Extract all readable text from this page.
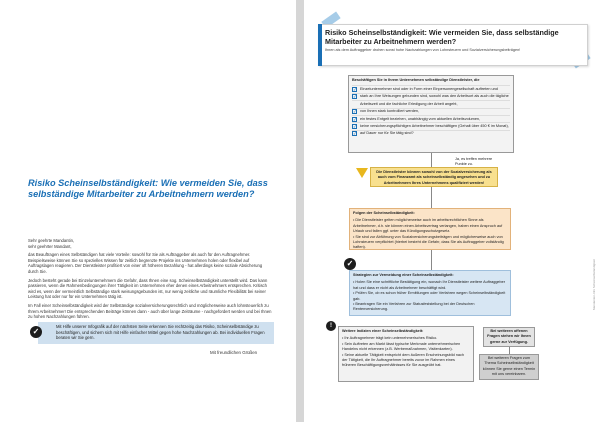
Risiko Scheinselbständigkeit: Wie vermeiden Sie, dass selbständige Mitarbeiter zu Arbeitnehmern werden?

Sehr geehrte Mandantin,
sehr geehrter Mandant,

das Beauftragen eines Selbständigen hat viele Vorteile: sowohl für Sie als Auftraggeber als auch für den Auftragnehmer. Beispielsweise können Sie so spezielles Wissen für zeitlich begrenzte Projekte ins Unternehmen holen oder flexibel auf Auftragslagen reagieren. Der Dienstleister profitiert von einer oft höheren Bezahlung - hat allerdings keine soziale Absicherung durch Sie.

Jedoch besteht gerade bei Einzelunternehmern die Gefahr, dass Ihnen eine sog. Scheinselbständigkeit unterstellt wird. Das kann passieren, wenn die Rahmenbedingungen ihrer Tätigkeit im Unternehmen eher denen eines Arbeitnehmers entsprechen. Kritisch wird es, wenn der vermeintlich Selbständige stark weisungsgebunden ist, nur wenig zeitliche und räumliche Flexibilität bei seiner Leistung hat oder nur für ein Unternehmen tätig ist.

Im Fall einer Scheinselbständigkeit wird der Selbständige sozialversicherungsrechtlich und möglicherweise auch lohnsteuerlich zu Ihrem Arbeitnehmer! Die entsprechenden Beiträge können dann - auch über lange Zeiträume - nachgefordert werden und bei Ihnen zu hohen Nachzahlungen führen.

✓
Mit Hilfe unserer Infografik auf der nächsten Seite erkennen Sie rechtzeitig das Risiko, Scheinselbständige zu beschäftigen, und sichern sich mit Hilfe einfacher Mittel gegen hohe Nachzahlungen ab. Bei individuellen Fragen beraten wir Sie gern.
Mit freundlichen Grüßen
Risiko Scheinselbständigkeit: Wie vermeiden Sie, dass selbständige Mitarbeiter zu Arbeitnehmern werden?
Ihnen als dem Auftraggeber drohen sonst hohe Nachzahlungen von Lohnsteuern und Sozialversicherungsbeiträgen!
Beschäftigen Sie in Ihrem Unternehmen selbständige Dienstleister, die
✓ Einzelunternehmer sind oder in Form einer Einpersonengesellschaft auftreten und
✓ stark an Ihre Weisungen gebunden sind, sowohl was den Arbeitsort als auch die tägliche
Arbeitszeit und die fachliche Erledigung der Arbeit angeht,
✓ von Ihnen stark kontrolliert werden,
✓ ein festes Entgelt beziehen, unabhängig vom aktuellen Arbeitsvolumen,
✓ keine versicherungspflichtigen Arbeitnehmer beschäftigen (Gehalt über 450 € im Monat),
✓ auf Dauer nur für Sie tätig sind?
Ja, es treffen mehrere Punkte zu.
Die Dienstleister können sowohl von der Sozialversicherung als auch vom Finanzamt als scheinselbständig angesehen und zu Arbeitnehmern Ihres Unternehmens qualifiziert werden!
Folgen der Scheinselbständigkeit:
• Die Dienstleister gelten möglicherweise auch im arbeitsrechtlichen Sinne als Arbeitnehmer, d.h. sie können einen Arbeitsvertrag verlangen, haben einen Anspruch auf Urlaub und fallen ggf. unter das Kündigungsschutzgesetz.
• Sie sind zur Abführung von Sozialversicherungsbeiträgen und möglicherweise auch von Lohnsteuern verpflichtet (hierbei besteht die Gefahr, dass Sie als Auftraggeber vollständig haften).
✓
Strategien zur Vermeidung einer Scheinselbständigkeit:
• Holen Sie eine schriftliche Bestätigung ein, wonach Ihr Dienstleister weitere Auftraggeber hat und dass er nicht als Arbeitnehmer beschäftigt wird.
• Prüfen Sie, ob es schon früher Ermittlungen oder Verfahren wegen Scheinselbständigkeit gab.
• Beantragen Sie ein Verfahren zur Statusfeststellung bei der Deutschen Rentenversicherung.
!
Weitere Indizien einer Scheinselbständigkeit:
• Ihr Auftragnehmer trägt kein unternehmerisches Risiko.
• Sein Auftreten am Markt lässt typische Merkmale unternehmerischen Handelns nicht erkennen (z.B. Werbemaßnahmen, Visitenkarten).
• Seine aktuelle Tätigkeit entspricht dem äußeren Erscheinungsbild nach der Tätigkeit, die Ihr Auftragnehmer bereits zuvor im Rahmen eines früheren Beschäftigungsverhältnisses für Sie ausgeübt hat.
Bei weiteren offenen Fragen stehen wir Ihnen gerne zur Verfügung.
Bei weiteren Fragen zum Thema Scheinselbständigkeit können Sie gerne einen Termin mit uns vereinbaren.
Mandanten-Info Scheinselbständigkeit
